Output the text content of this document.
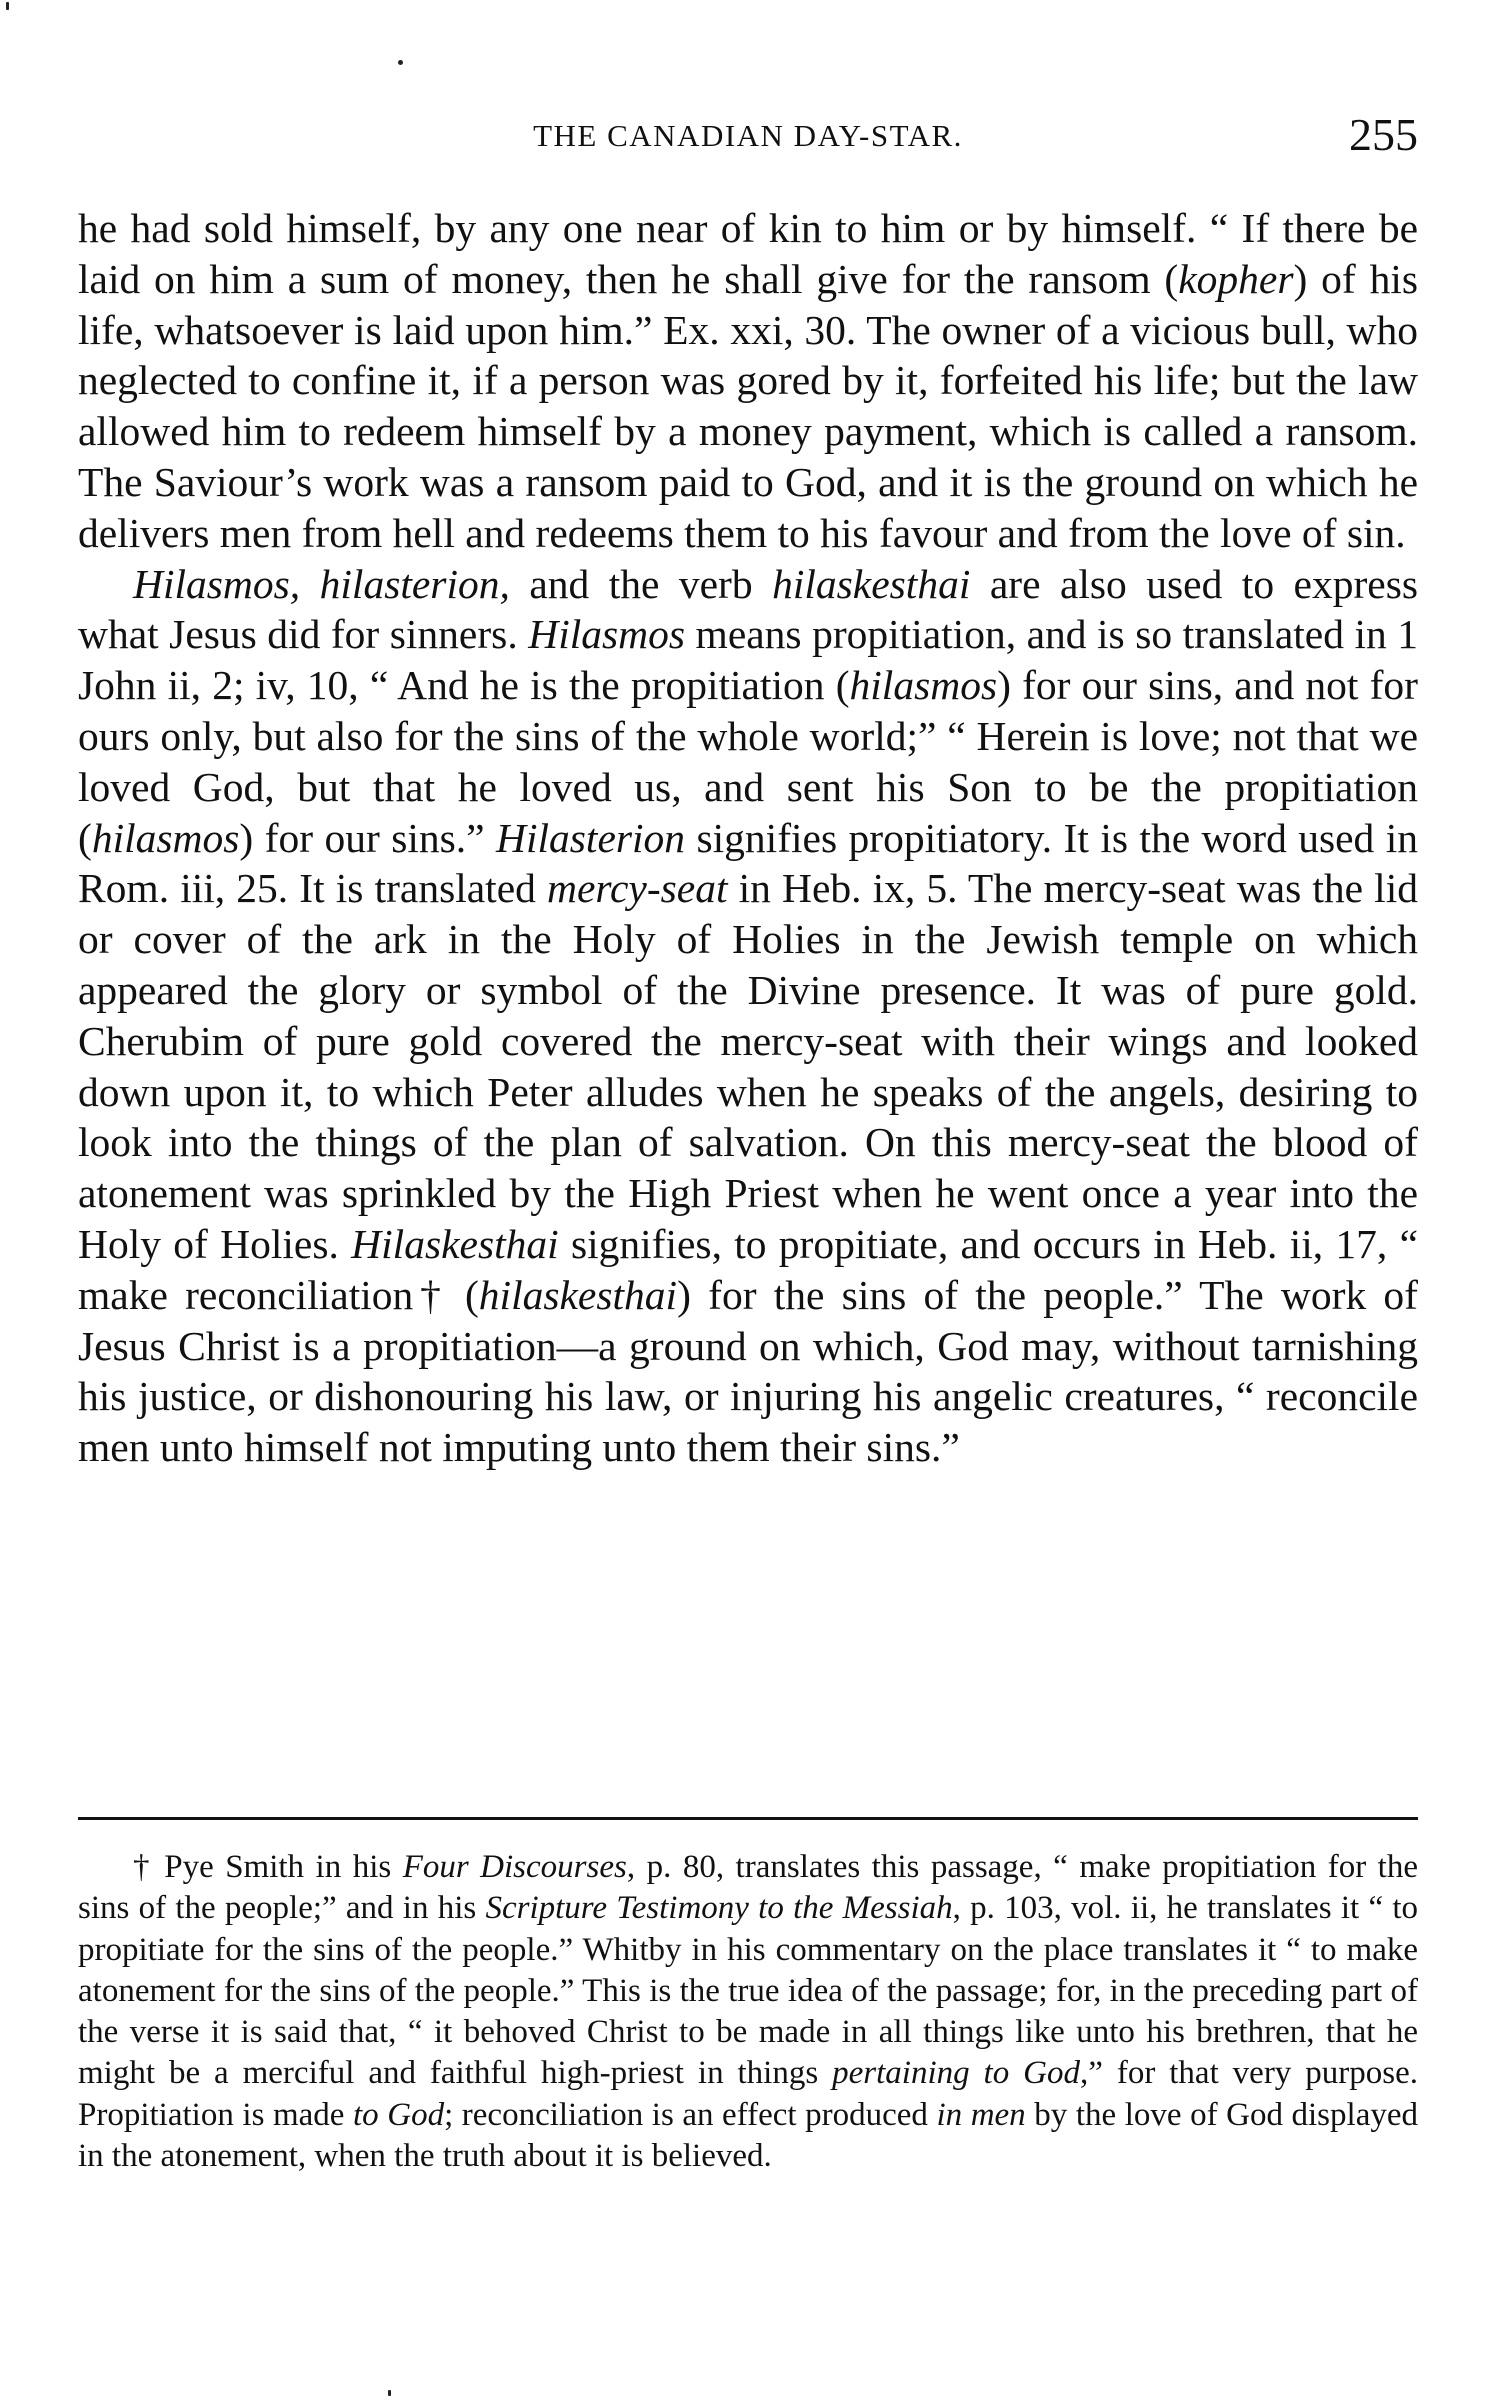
THE CANADIAN DAY-STAR.	255

he had sold himself, by any one near of kin to him or by himself. “ If there be laid on him a sum of money, then he shall give for the ransom (kopher) of his life, whatsoever is laid upon him.” Ex. xxi, 30. The owner of a vicious bull, who neglected to confine it, if a person was gored by it, forfeited his life; but the law allowed him to redeem himself by a money payment, which is called a ransom. The Saviour’s work was a ransom paid to God, and it is the ground on which he delivers men from hell and redeems them to his favour and from the love of sin.

Hilasmos, hilasterion, and the verb hilaskesthai are also used to express what Jesus did for sinners. Hilasmos means propitiation, and is so translated in 1 John ii, 2; iv, 10, “ And he is the propitiation (hilasmos) for our sins, and not for ours only, but also for the sins of the whole world;” “ Herein is love; not that we loved God, but that he loved us, and sent his Son to be the propitiation (hilasmos) for our sins.” Hilasterion signifies propitiatory. It is the word used in Rom. iii, 25. It is translated mercy-seat in Heb. ix, 5. The mercy-seat was the lid or cover of the ark in the Holy of Holies in the Jewish temple on which appeared the glory or symbol of the Divine presence. It was of pure gold. Cherubim of pure gold covered the mercy-seat with their wings and looked down upon it, to which Peter alludes when he speaks of the angels, desiring to look into the things of the plan of salvation. On this mercy-seat the blood of atonement was sprinkled by the High Priest when he went once a year into the Holy of Holies. Hilaskesthai signifies, to propitiate, and occurs in Heb. ii, 17, “ make reconciliation† (hilaskesthai) for the sins of the people.” The work of Jesus Christ is a propitiation—a ground on which, God may, without tarnishing his justice, or dishonouring his law, or injuring his angelic creatures, “ reconcile men unto himself not imputing unto them their sins.”

† Pye Smith in his Four Discourses, p. 80, translates this passage, “ make propitiation for the sins of the people;” and in his Scripture Testimony to the Messiah, p. 103, vol. ii, he translates it “ to propitiate for the sins of the people.” Whitby in his commentary on the place translates it “ to make atonement for the sins of the people.” This is the true idea of the passage; for, in the preceding part of the verse it is said that, “ it behoved Christ to be made in all things like unto his brethren, that he might be a merciful and faithful high-priest in things pertaining to God,” for that very purpose. Propitiation is made to God; reconciliation is an effect produced in men by the love of God displayed in the atonement, when the truth about it is believed.
